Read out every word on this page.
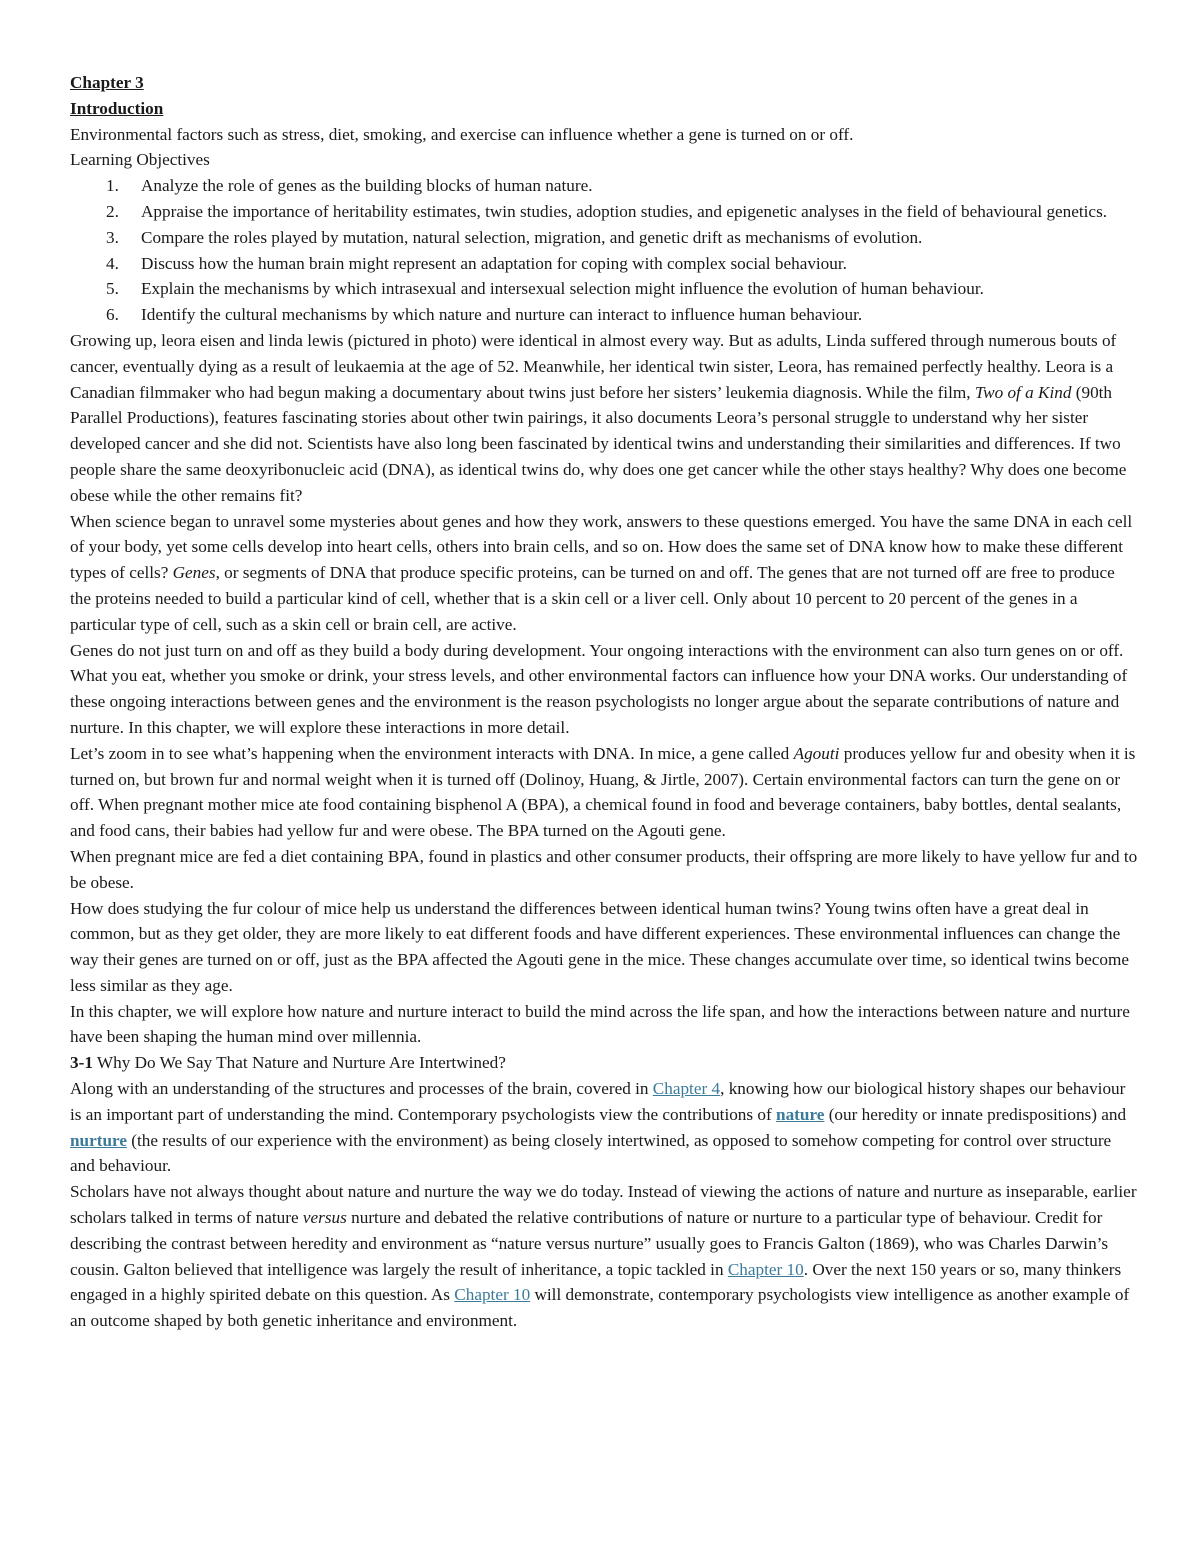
Chapter 3

Introduction

Environmental factors such as stress, diet, smoking, and exercise can influence whether a gene is turned on or off.

Learning Objectives

1. Analyze the role of genes as the building blocks of human nature.
2. Appraise the importance of heritability estimates, twin studies, adoption studies, and epigenetic analyses in the field of behavioural genetics.
3. Compare the roles played by mutation, natural selection, migration, and genetic drift as mechanisms of evolution.
4. Discuss how the human brain might represent an adaptation for coping with complex social behaviour.
5. Explain the mechanisms by which intrasexual and intersexual selection might influence the evolution of human behaviour.
6. Identify the cultural mechanisms by which nature and nurture can interact to influence human behaviour.

Growing up, leora eisen and linda lewis (pictured in photo) were identical in almost every way. But as adults, Linda suffered through numerous bouts of cancer, eventually dying as a result of leukaemia at the age of 52. Meanwhile, her identical twin sister, Leora, has remained perfectly healthy. Leora is a Canadian filmmaker who had begun making a documentary about twins just before her sisters’ leukemia diagnosis. While the film, Two of a Kind (90th Parallel Productions), features fascinating stories about other twin pairings, it also documents Leora’s personal struggle to understand why her sister developed cancer and she did not. Scientists have also long been fascinated by identical twins and understanding their similarities and differences. If two people share the same deoxyribonucleic acid (DNA), as identical twins do, why does one get cancer while the other stays healthy? Why does one become obese while the other remains fit?

When science began to unravel some mysteries about genes and how they work, answers to these questions emerged. You have the same DNA in each cell of your body, yet some cells develop into heart cells, others into brain cells, and so on. How does the same set of DNA know how to make these different types of cells? Genes, or segments of DNA that produce specific proteins, can be turned on and off. The genes that are not turned off are free to produce the proteins needed to build a particular kind of cell, whether that is a skin cell or a liver cell. Only about 10 percent to 20 percent of the genes in a particular type of cell, such as a skin cell or brain cell, are active.

Genes do not just turn on and off as they build a body during development. Your ongoing interactions with the environment can also turn genes on or off. What you eat, whether you smoke or drink, your stress levels, and other environmental factors can influence how your DNA works. Our understanding of these ongoing interactions between genes and the environment is the reason psychologists no longer argue about the separate contributions of nature and nurture. In this chapter, we will explore these interactions in more detail.

Let’s zoom in to see what’s happening when the environment interacts with DNA. In mice, a gene called Agouti produces yellow fur and obesity when it is turned on, but brown fur and normal weight when it is turned off (Dolinoy, Huang, & Jirtle, 2007). Certain environmental factors can turn the gene on or off. When pregnant mother mice ate food containing bisphenol A (BPA), a chemical found in food and beverage containers, baby bottles, dental sealants, and food cans, their babies had yellow fur and were obese. The BPA turned on the Agouti gene.

When pregnant mice are fed a diet containing BPA, found in plastics and other consumer products, their offspring are more likely to have yellow fur and to be obese.

How does studying the fur colour of mice help us understand the differences between identical human twins? Young twins often have a great deal in common, but as they get older, they are more likely to eat different foods and have different experiences. These environmental influences can change the way their genes are turned on or off, just as the BPA affected the Agouti gene in the mice. These changes accumulate over time, so identical twins become less similar as they age.

In this chapter, we will explore how nature and nurture interact to build the mind across the life span, and how the interactions between nature and nurture have been shaping the human mind over millennia.

3-1 Why Do We Say That Nature and Nurture Are Intertwined?

Along with an understanding of the structures and processes of the brain, covered in Chapter 4, knowing how our biological history shapes our behaviour is an important part of understanding the mind. Contemporary psychologists view the contributions of nature (our heredity or innate predispositions) and nurture (the results of our experience with the environment) as being closely intertwined, as opposed to somehow competing for control over structure and behaviour.

Scholars have not always thought about nature and nurture the way we do today. Instead of viewing the actions of nature and nurture as inseparable, earlier scholars talked in terms of nature versus nurture and debated the relative contributions of nature or nurture to a particular type of behaviour. Credit for describing the contrast between heredity and environment as “nature versus nurture” usually goes to Francis Galton (1869), who was Charles Darwin’s cousin. Galton believed that intelligence was largely the result of inheritance, a topic tackled in Chapter 10. Over the next 150 years or so, many thinkers engaged in a highly spirited debate on this question. As Chapter 10 will demonstrate, contemporary psychologists view intelligence as another example of an outcome shaped by both genetic inheritance and environment.
